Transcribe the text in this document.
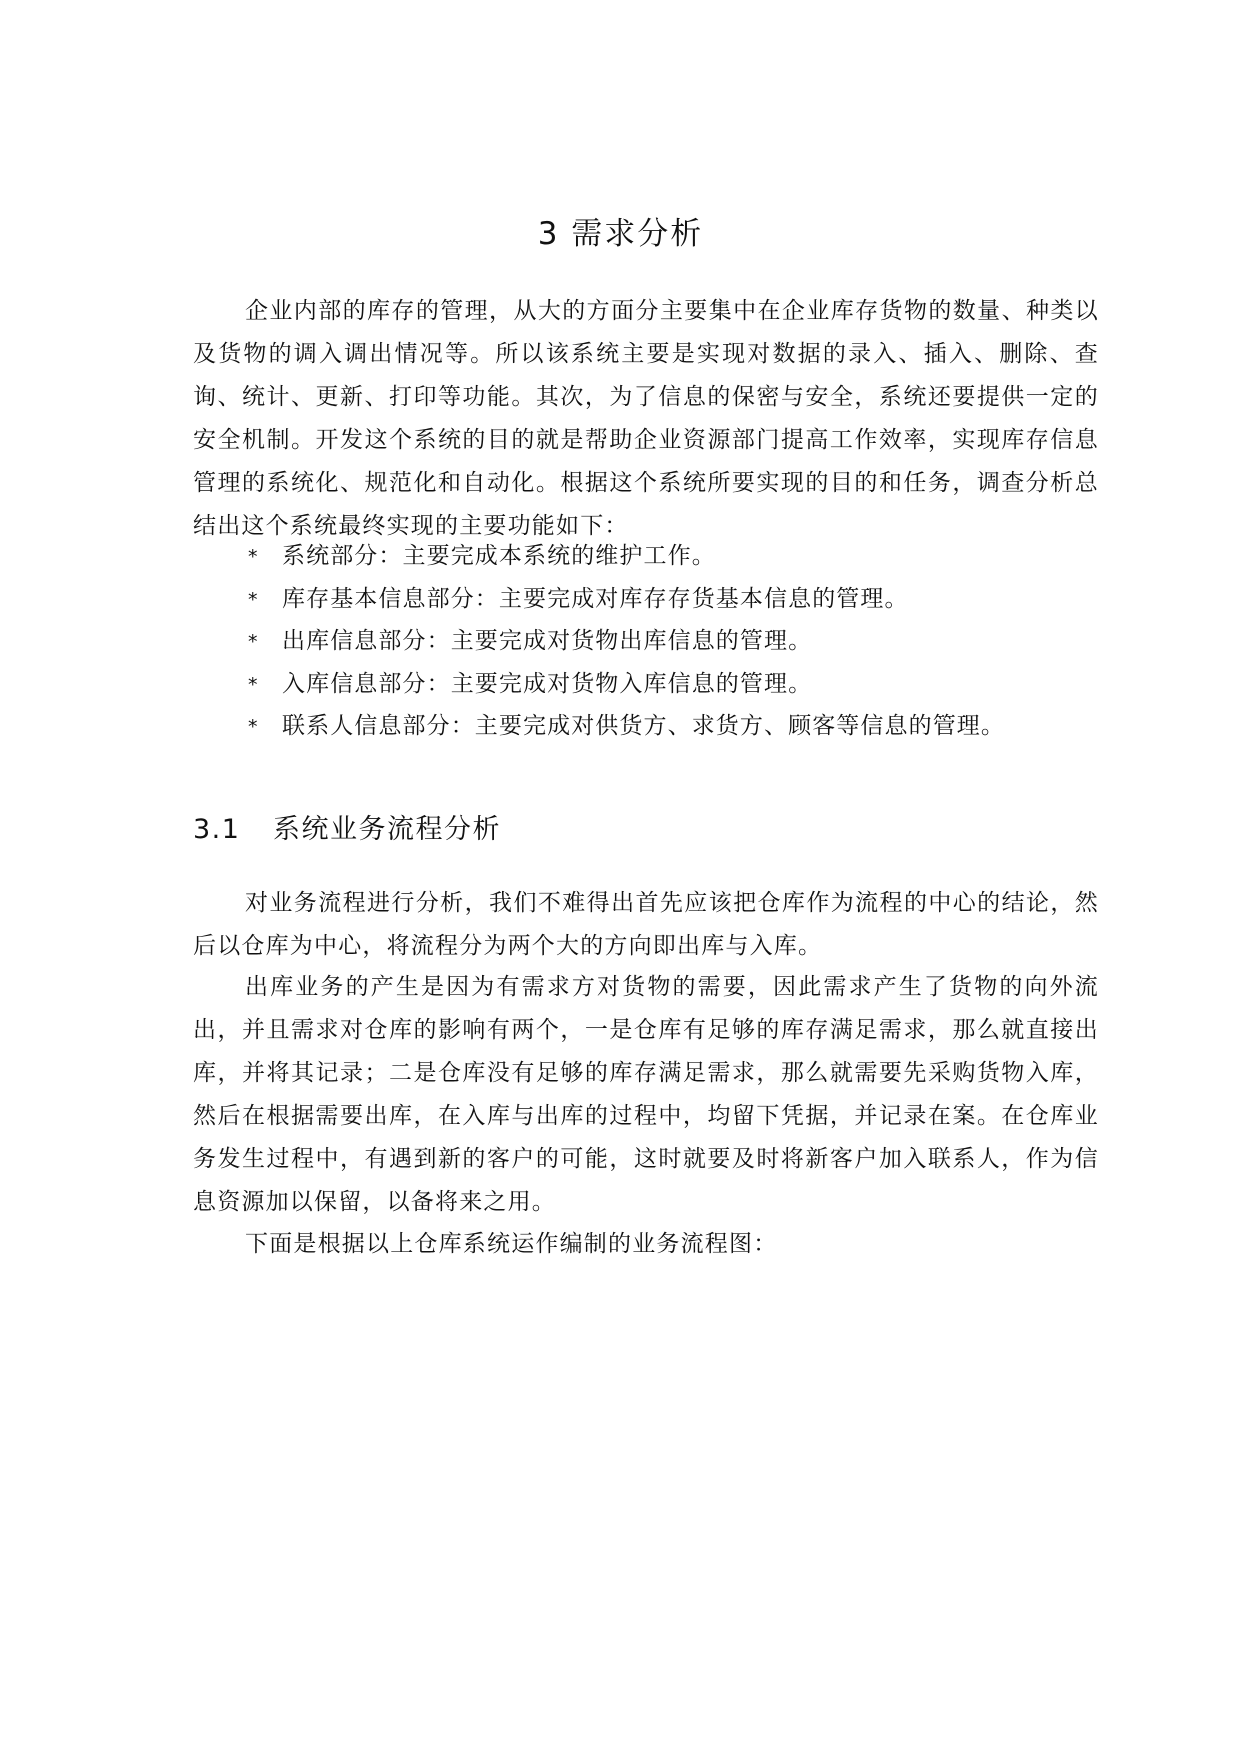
3 需求分析

企业内部的库存的管理，从大的方面分主要集中在企业库存货物的数量、种类以及货物的调入调出情况等。所以该系统主要是实现对数据的录入、插入、删除、查询、统计、更新、打印等功能。其次，为了信息的保密与安全，系统还要提供一定的安全机制。开发这个系统的目的就是帮助企业资源部门提高工作效率，实现库存信息管理的系统化、规范化和自动化。根据这个系统所要实现的目的和任务，调查分析总结出这个系统最终实现的主要功能如下：

* 系统部分：主要完成本系统的维护工作。
* 库存基本信息部分：主要完成对库存存货基本信息的管理。
* 出库信息部分：主要完成对货物出库信息的管理。
* 入库信息部分：主要完成对货物入库信息的管理。
* 联系人信息部分：主要完成对供货方、求货方、顾客等信息的管理。
3.1 系统业务流程分析

对业务流程进行分析，我们不难得出首先应该把仓库作为流程的中心的结论，然后以仓库为中心，将流程分为两个大的方向即出库与入库。

出库业务的产生是因为有需求方对货物的需要，因此需求产生了货物的向外流出，并且需求对仓库的影响有两个，一是仓库有足够的库存满足需求，那么就直接出库，并将其记录；二是仓库没有足够的库存满足需求，那么就需要先采购货物入库，然后在根据需要出库，在入库与出库的过程中，均留下凭据，并记录在案。在仓库业务发生过程中，有遇到新的客户的可能，这时就要及时将新客户加入联系人，作为信息资源加以保留，以备将来之用。

下面是根据以上仓库系统运作编制的业务流程图：
